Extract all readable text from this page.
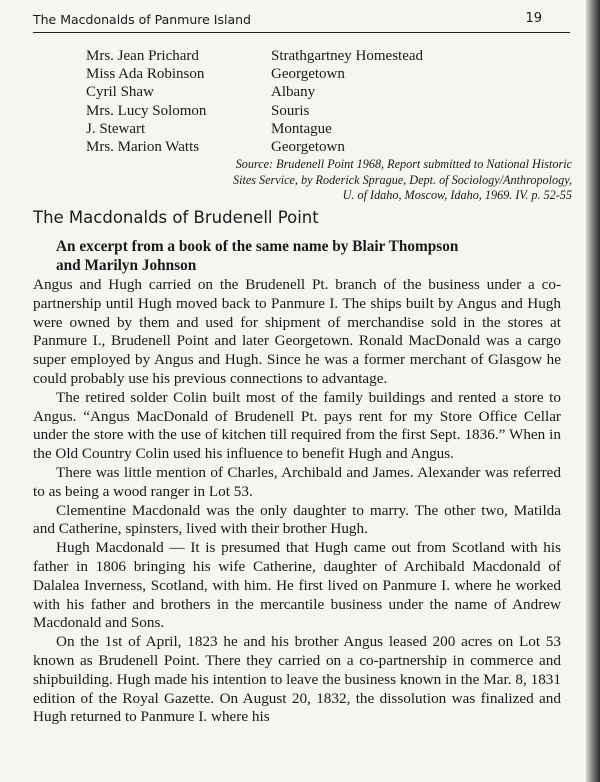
The Macdonalds of Panmure Island	19
Mrs. Jean Prichard	Strathgartney Homestead
Miss Ada Robinson	Georgetown
Cyril Shaw	Albany
Mrs. Lucy Solomon	Souris
J. Stewart	Montague
Mrs. Marion Watts	Georgetown
Source: Brudenell Point 1968, Report submitted to National Historic
Sites Service, by Roderick Sprague, Dept. of Sociology/Anthropology,
U. of Idaho, Moscow, Idaho, 1969. IV. p. 52-55
The Macdonalds of Brudenell Point
An excerpt from a book of the same name by Blair Thompson
and Marilyn Johnson

Angus and Hugh carried on the Brudenell Pt. branch of the business under a co-partnership until Hugh moved back to Panmure I. The ships built by Angus and Hugh were owned by them and used for shipment of merchandise sold in the stores at Panmure I., Brudenell Point and later Georgetown. Ronald MacDonald was a cargo super employed by Angus and Hugh. Since he was a former merchant of Glasgow he could probably use his previous connections to advantage.

The retired solder Colin built most of the family buildings and rented a store to Angus. “Angus MacDonald of Brudenell Pt. pays rent for my Store Office Cellar under the store with the use of kitchen till required from the first Sept. 1836.” When in the Old Country Colin used his influence to benefit Hugh and Angus.

There was little mention of Charles, Archibald and James. Alexander was referred to as being a wood ranger in Lot 53.

Clementine Macdonald was the only daughter to marry. The other two, Matilda and Catherine, spinsters, lived with their brother Hugh.

Hugh Macdonald — It is presumed that Hugh came out from Scotland with his father in 1806 bringing his wife Catherine, daughter of Archibald Macdonald of Dalalea Inverness, Scotland, with him. He first lived on Panmure I. where he worked with his father and brothers in the mercantile business under the name of Andrew Macdonald and Sons.

On the 1st of April, 1823 he and his brother Angus leased 200 acres on Lot 53 known as Brudenell Point. There they carried on a co-partnership in commerce and shipbuilding. Hugh made his intention to leave the business known in the Mar. 8, 1831 edition of the Royal Gazette. On August 20, 1832, the dissolution was finalized and Hugh returned to Panmure I. where his
